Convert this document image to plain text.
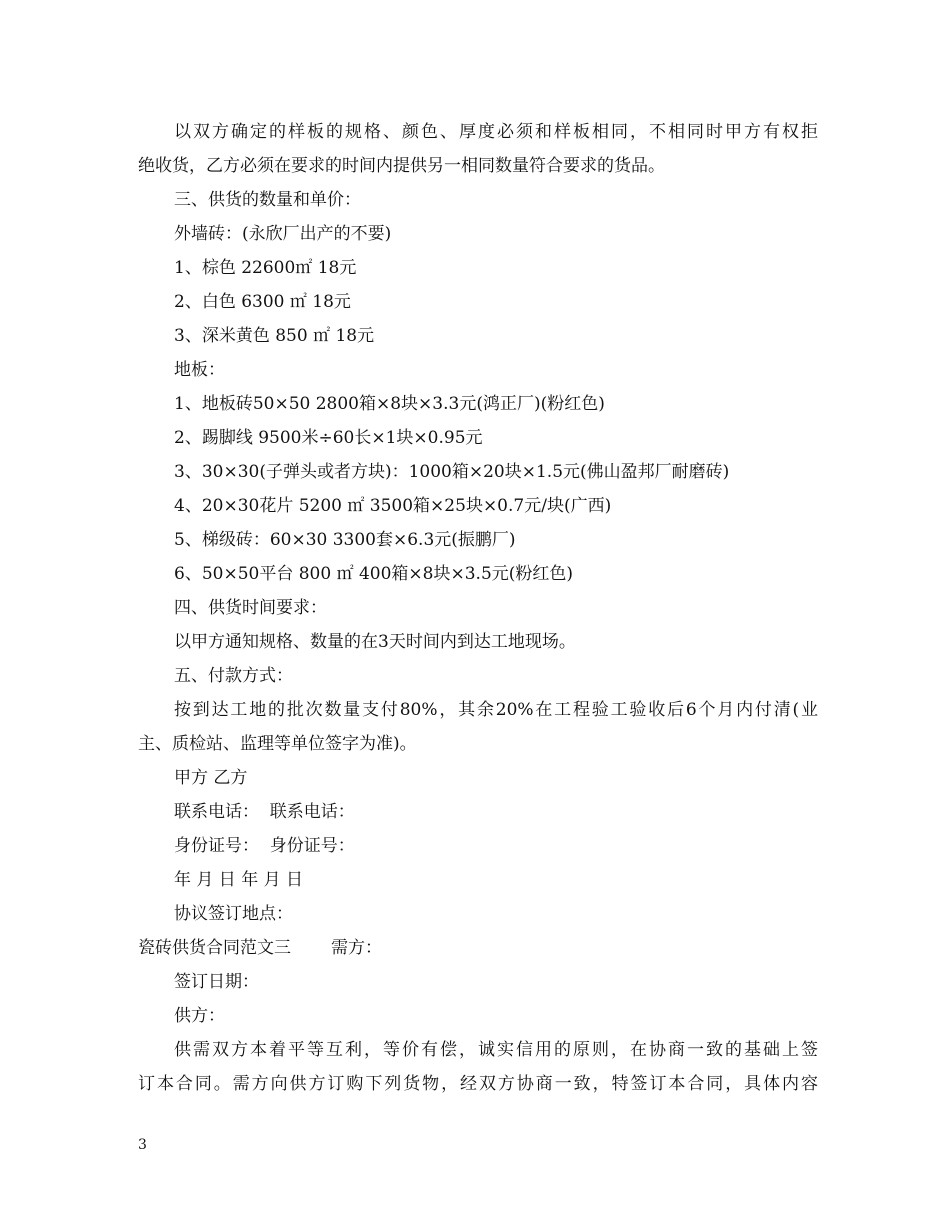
以双方确定的样板的规格、颜色、厚度必须和样板相同，不相同时甲方有权拒
绝收货，乙方必须在要求的时间内提供另一相同数量符合要求的货品。
三、供货的数量和单价：
外墙砖：(永欣厂出产的不要)
1、棕色 22600㎡ 18元
2、白色 6300 ㎡ 18元
3、深米黄色 850 ㎡ 18元
地板：
1、地板砖50×50 2800箱×8块×3.3元(鸿正厂)(粉红色)
2、踢脚线 9500米÷60长×1块×0.95元
3、30×30(子弹头或者方块)：1000箱×20块×1.5元(佛山盈邦厂耐磨砖)
4、20×30花片 5200 ㎡ 3500箱×25块×0.7元/块(广西)
5、梯级砖：60×30 3300套×6.3元(振鹏厂)
6、50×50平台 800 ㎡ 400箱×8块×3.5元(粉红色)
四、供货时间要求：
以甲方通知规格、数量的在3天时间内到达工地现场。
五、付款方式：
按到达工地的批次数量支付80%，其余20%在工程验工验收后6个月内付清(业
主、质检站、监理等单位签字为准)。
甲方 乙方
联系电话：  联系电话：
身份证号：  身份证号：
年 月 日 年 月 日
协议签订地点：
瓷砖供货合同范文三 需方：
签订日期：
供方：
供需双方本着平等互利，等价有偿，诚实信用的原则，在协商一致的基础上签
订本合同。需方向供方订购下列货物，经双方协商一致，特签订本合同，具体内容
3
